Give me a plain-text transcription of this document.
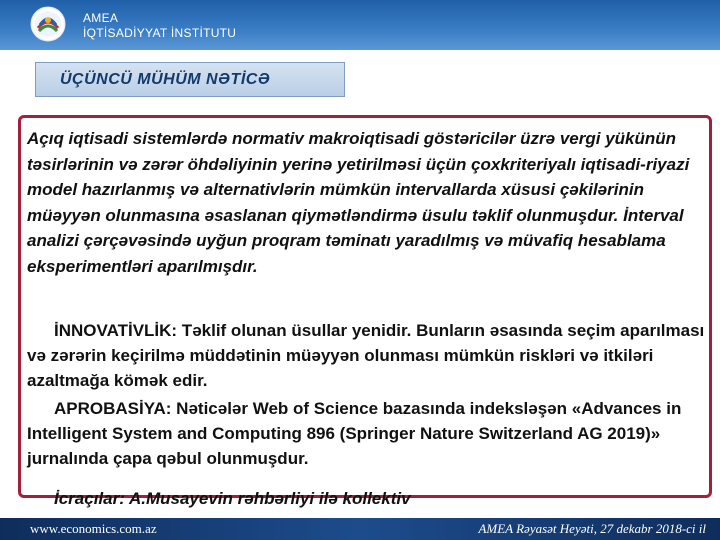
AMEA
İQTİSADİYYAT İNSTİTUTU
ÜÇÜNCÜ MÜHÜM NƏTİCƏ
Açıq iqtisadi sistemlərdə normativ makroiqtisadi göstəricilər üzrə vergi yükünün təsirlərinin və zərər öhdəliyinin yerinə yetirilməsi üçün çoxkriteriyalı iqtisadi-riyazi model hazırlanmış və alternativlərin mümkün intervallarda xüsusi çəkilərinin müəyyən olunmasına əsaslanan qiymətləndirmə üsulu təklif olunmuşdur. İnterval analizi çərçəvəsində uyğun proqram təminatı yaradılmış və müvafiq hesablama eksperimentləri aparılmışdır.
İNNOVATİVLİK: Təklif olunan üsullar yenidir. Bunların əsasında seçim aparılması və zərərin keçirilmə müddətinin müəyyən olunması mümkün riskləri və itkiləri azaltmağa kömək edir.
APROBASİYA: Nəticələr Web of Science bazasında indeksləşən «Advances in Intelligent System and Computing 896 (Springer Nature Switzerland AG 2019)» jurnalında çapa qəbul olunmuşdur.
İcraçılar: A.Musayevin rəhbərliyi ilə kollektiv
www.economics.com.az	AMEA Rəyasət Heyəti, 27 dekabr 2018-ci il
